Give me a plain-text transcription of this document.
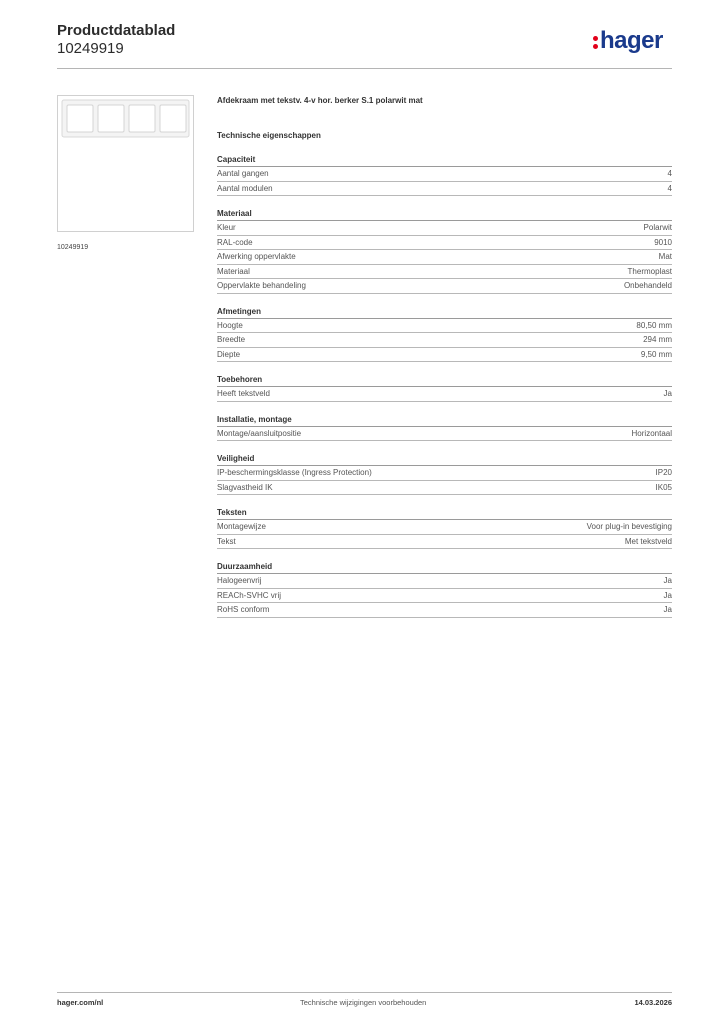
Productdatablad
10249919	hager
10249919
Afdekraam met tekstv. 4-v hor. berker S.1 polarwit mat
Technische eigenschappen
Capaciteit
Aantal gangen	4
Aantal modulen	4
Materiaal
Kleur	Polarwit
RAL-code	9010
Afwerking oppervlakte	Mat
Materiaal	Thermoplast
Oppervlakte behandeling	Onbehandeld
Afmetingen
Hoogte	80,50 mm
Breedte	294 mm
Diepte	9,50 mm
Toebehoren
Heeft tekstveld	Ja
Installatie, montage
Montage/aansluitpositie	Horizontaal
Veiligheid
IP-beschermingsklasse (Ingress Protection)	IP20
Slagvastheid IK	IK05
Teksten
Montagewijze	Voor plug-in bevestiging
Tekst	Met tekstveld
Duurzaamheid
Halogeenvrij	Ja
REACh-SVHC vrij	Ja
RoHS conform	Ja
hager.com/nl	Technische wijzigingen voorbehouden	14.03.2026
